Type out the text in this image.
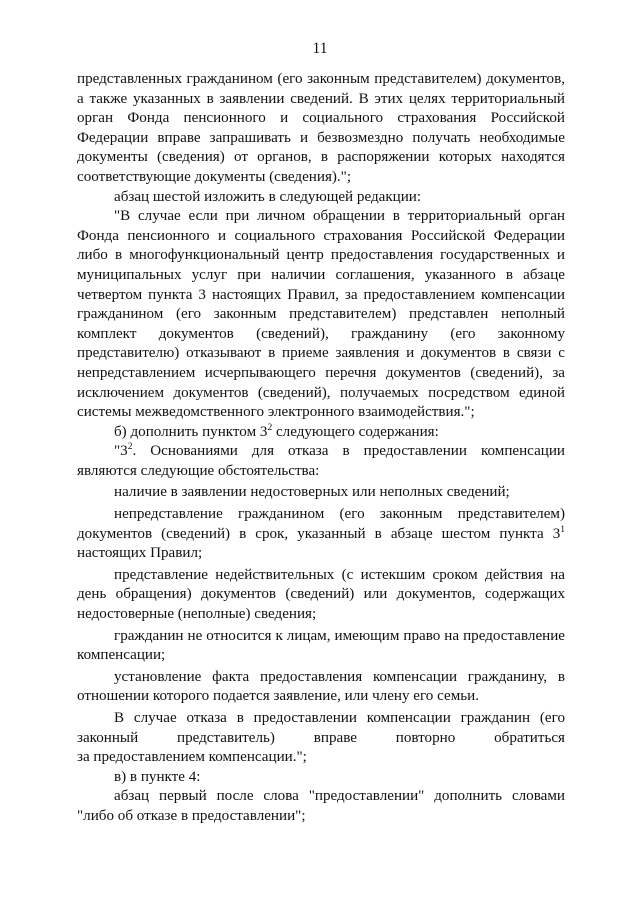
11

представленных гражданином (его законным представителем) документов, а также указанных в заявлении сведений. В этих целях территориальный орган Фонда пенсионного и социального страхования Российской Федерации вправе запрашивать и безвозмездно получать необходимые документы (сведения) от органов, в распоряжении которых находятся соответствующие документы (сведения).";

абзац шестой изложить в следующей редакции:

"В случае если при личном обращении в территориальный орган Фонда пенсионного и социального страхования Российской Федерации либо в многофункциональный центр предоставления государственных и муниципальных услуг при наличии соглашения, указанного в абзаце четвертом пункта 3 настоящих Правил, за предоставлением компенсации гражданином (его законным представителем) представлен неполный комплект документов (сведений), гражданину (его законному представителю) отказывают в приеме заявления и документов в связи с непредставлением исчерпывающего перечня документов (сведений), за исключением документов (сведений), получаемых посредством единой системы межведомственного электронного взаимодействия.";

б) дополнить пунктом $3^2$ следующего содержания:

"$3^2$. Основаниями для отказа в предоставлении компенсации являются следующие обстоятельства:

наличие в заявлении недостоверных или неполных сведений;

непредставление гражданином (его законным представителем) документов (сведений) в срок, указанный в абзаце шестом пункта $3^1$ настоящих Правил;

представление недействительных (с истекшим сроком действия на день обращения) документов (сведений) или документов, содержащих недостоверные (неполные) сведения;

гражданин не относится к лицам, имеющим право на предоставление компенсации;

установление факта предоставления компенсации гражданину, в отношении которого подается заявление, или члену его семьи.

В случае отказа в предоставлении компенсации гражданин (его законный представитель) вправе повторно обратиться
за предоставлением компенсации.";

в) в пункте 4:

абзац первый после слова "предоставлении" дополнить словами "либо об отказе в предоставлении";
